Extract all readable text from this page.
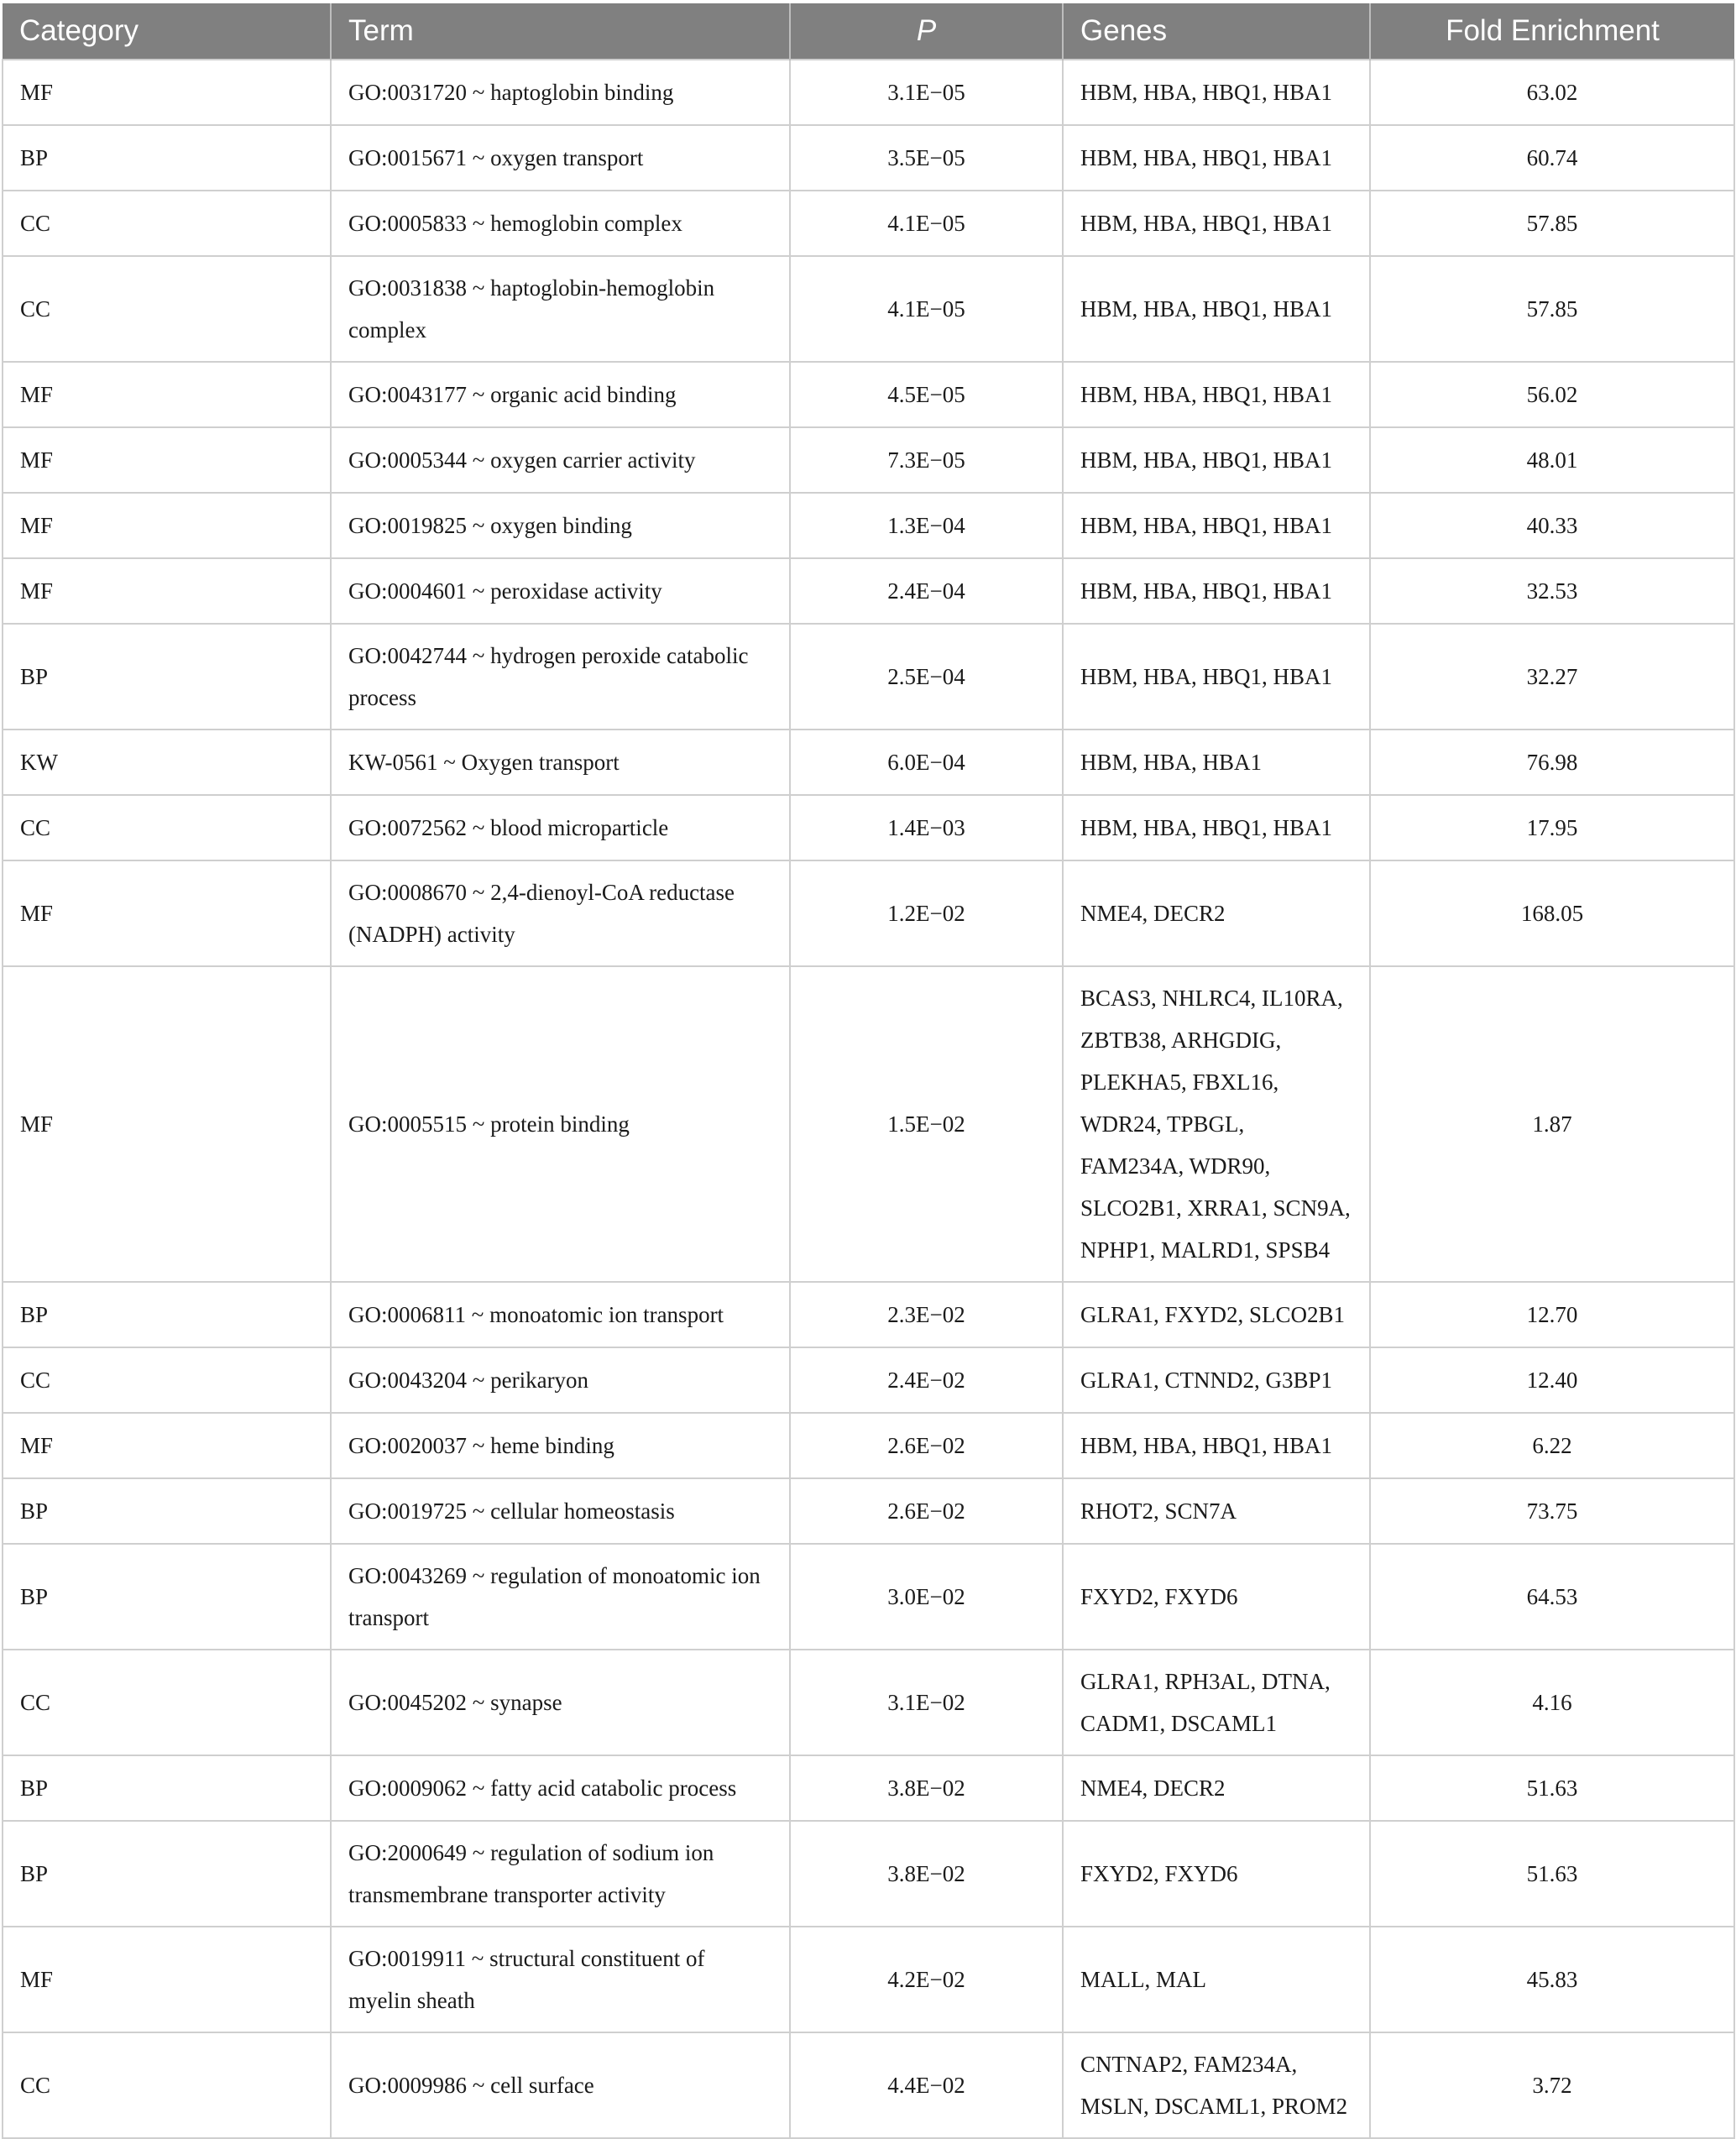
Category	Term	P	Genes	Fold Enrichment
MF	GO:0031720 ~ haptoglobin binding	3.1E−05	HBM, HBA, HBQ1, HBA1	63.02
BP	GO:0015671 ~ oxygen transport	3.5E−05	HBM, HBA, HBQ1, HBA1	60.74
CC	GO:0005833 ~ hemoglobin complex	4.1E−05	HBM, HBA, HBQ1, HBA1	57.85
CC	GO:0031838 ~ haptoglobin-hemoglobin complex	4.1E−05	HBM, HBA, HBQ1, HBA1	57.85
MF	GO:0043177 ~ organic acid binding	4.5E−05	HBM, HBA, HBQ1, HBA1	56.02
MF	GO:0005344 ~ oxygen carrier activity	7.3E−05	HBM, HBA, HBQ1, HBA1	48.01
MF	GO:0019825 ~ oxygen binding	1.3E−04	HBM, HBA, HBQ1, HBA1	40.33
MF	GO:0004601 ~ peroxidase activity	2.4E−04	HBM, HBA, HBQ1, HBA1	32.53
BP	GO:0042744 ~ hydrogen peroxide catabolic process	2.5E−04	HBM, HBA, HBQ1, HBA1	32.27
KW	KW-0561 ~ Oxygen transport	6.0E−04	HBM, HBA, HBA1	76.98
CC	GO:0072562 ~ blood microparticle	1.4E−03	HBM, HBA, HBQ1, HBA1	17.95
MF	GO:0008670 ~ 2,4-dienoyl-CoA reductase (NADPH) activity	1.2E−02	NME4, DECR2	168.05
MF	GO:0005515 ~ protein binding	1.5E−02	BCAS3, NHLRC4, IL10RA, ZBTB38, ARHGDIG, PLEKHA5, FBXL16, WDR24, TPBGL, FAM234A, WDR90, SLCO2B1, XRRA1, SCN9A, NPHP1, MALRD1, SPSB4	1.87
BP	GO:0006811 ~ monoatomic ion transport	2.3E−02	GLRA1, FXYD2, SLCO2B1	12.70
CC	GO:0043204 ~ perikaryon	2.4E−02	GLRA1, CTNND2, G3BP1	12.40
MF	GO:0020037 ~ heme binding	2.6E−02	HBM, HBA, HBQ1, HBA1	6.22
BP	GO:0019725 ~ cellular homeostasis	2.6E−02	RHOT2, SCN7A	73.75
BP	GO:0043269 ~ regulation of monoatomic ion transport	3.0E−02	FXYD2, FXYD6	64.53
CC	GO:0045202 ~ synapse	3.1E−02	GLRA1, RPH3AL, DTNA, CADM1, DSCAML1	4.16
BP	GO:0009062 ~ fatty acid catabolic process	3.8E−02	NME4, DECR2	51.63
BP	GO:2000649 ~ regulation of sodium ion transmembrane transporter activity	3.8E−02	FXYD2, FXYD6	51.63
MF	GO:0019911 ~ structural constituent of myelin sheath	4.2E−02	MALL, MAL	45.83
CC	GO:0009986 ~ cell surface	4.4E−02	CNTNAP2, FAM234A, MSLN, DSCAML1, PROM2	3.72
